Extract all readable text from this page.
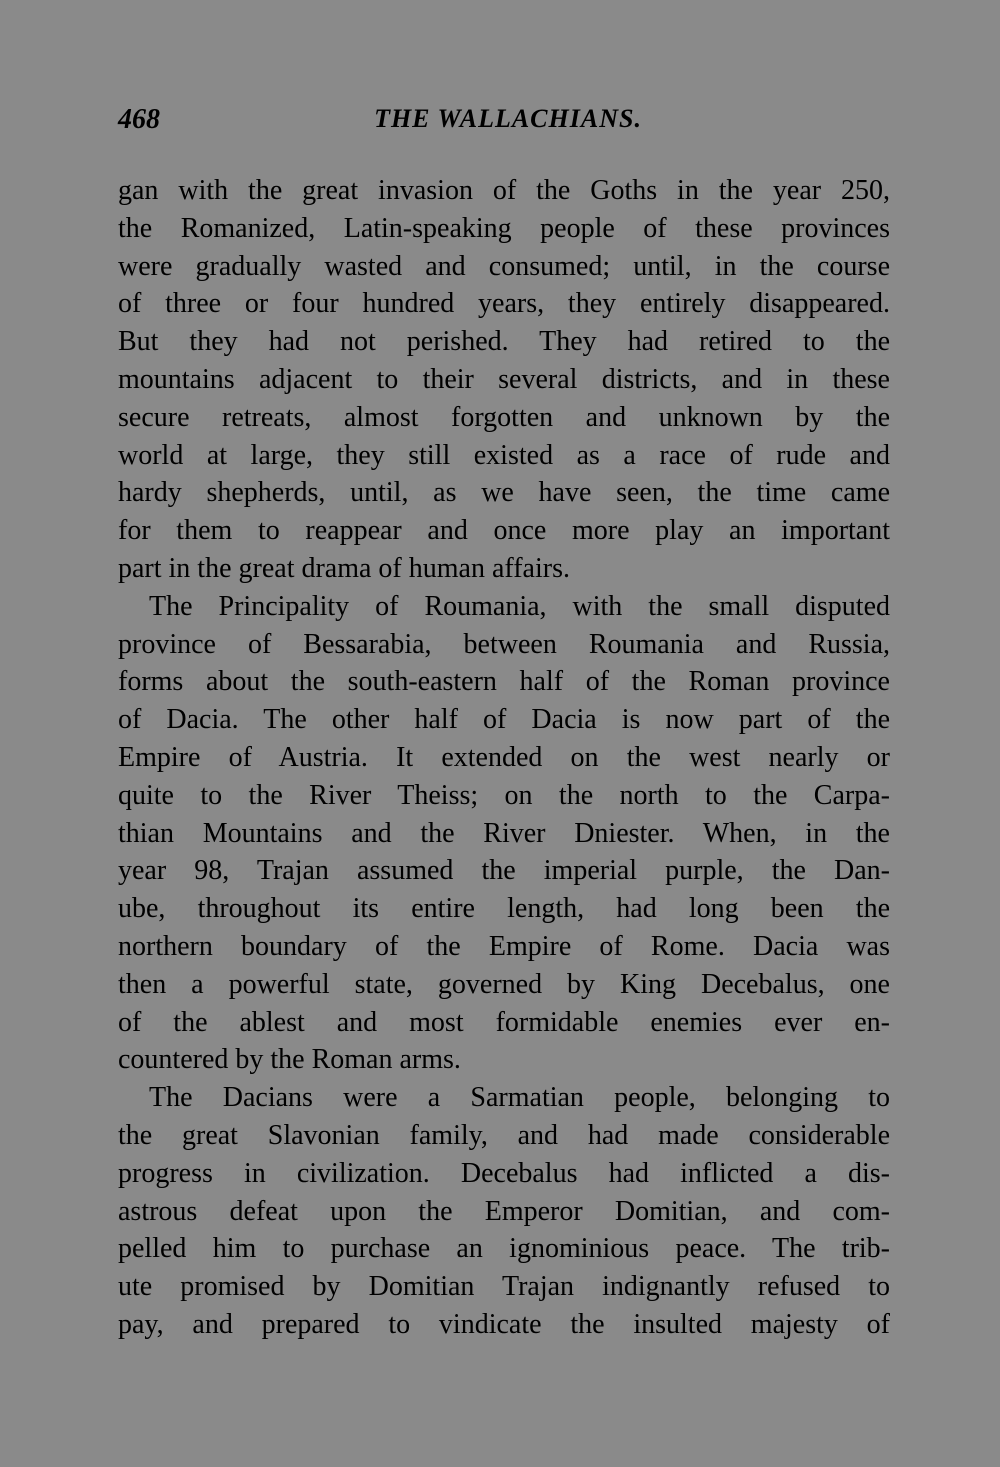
468	THE WALLACHIANS.
gan with the great invasion of the Goths in the year 250,
the Romanized, Latin-speaking people of these provinces
were gradually wasted and consumed; until, in the course
of three or four hundred years, they entirely disappeared.
But they had not perished. They had retired to the
mountains adjacent to their several districts, and in these
secure retreats, almost forgotten and unknown by the
world at large, they still existed as a race of rude and
hardy shepherds, until, as we have seen, the time came
for them to reappear and once more play an important
part in the great drama of human affairs.
The Principality of Roumania, with the small disputed
province of Bessarabia, between Roumania and Russia,
forms about the south-eastern half of the Roman province
of Dacia. The other half of Dacia is now part of the
Empire of Austria. It extended on the west nearly or
quite to the River Theiss; on the north to the Carpa-
thian Mountains and the River Dniester. When, in the
year 98, Trajan assumed the imperial purple, the Dan-
ube, throughout its entire length, had long been the
northern boundary of the Empire of Rome. Dacia was
then a powerful state, governed by King Decebalus, one
of the ablest and most formidable enemies ever en-
countered by the Roman arms.
The Dacians were a Sarmatian people, belonging to
the great Slavonian family, and had made considerable
progress in civilization. Decebalus had inflicted a dis-
astrous defeat upon the Emperor Domitian, and com-
pelled him to purchase an ignominious peace. The trib-
ute promised by Domitian Trajan indignantly refused to
pay, and prepared to vindicate the insulted majesty of
